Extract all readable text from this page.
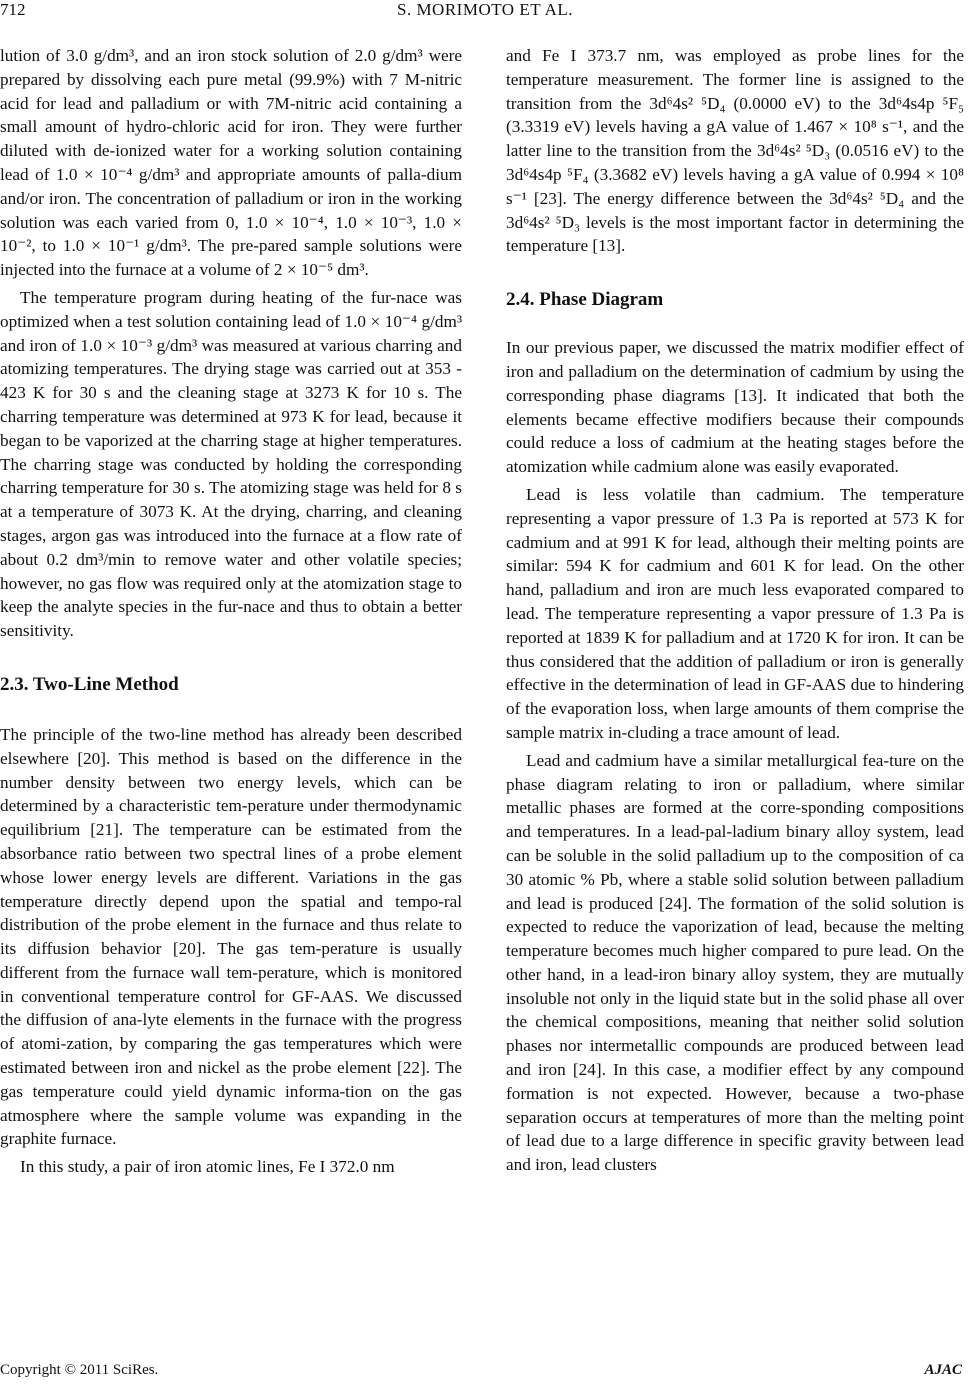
712	S. MORIMOTO ET AL.

lution of 3.0 g/dm³, and an iron stock solution of 2.0 g/dm³ were prepared by dissolving each pure metal (99.9%) with 7 M-nitric acid for lead and palladium or with 7M-nitric acid containing a small amount of hydro-chloric acid for iron. They were further diluted with de-ionized water for a working solution containing lead of 1.0 × 10⁻⁴ g/dm³ and appropriate amounts of palla-dium and/or iron. The concentration of palladium or iron in the working solution was each varied from 0, 1.0 × 10⁻⁴, 1.0 × 10⁻³, 1.0 × 10⁻², to 1.0 × 10⁻¹ g/dm³. The pre-pared sample solutions were injected into the furnace at a volume of 2 × 10⁻⁵ dm³.

The temperature program during heating of the fur-nace was optimized when a test solution containing lead of 1.0 × 10⁻⁴ g/dm³ and iron of 1.0 × 10⁻³ g/dm³ was measured at various charring and atomizing temperatures. The drying stage was carried out at 353 - 423 K for 30 s and the cleaning stage at 3273 K for 10 s. The charring temperature was determined at 973 K for lead, because it began to be vaporized at the charring stage at higher temperatures. The charring stage was conducted by holding the corresponding charring temperature for 30 s. The atomizing stage was held for 8 s at a temperature of 3073 K. At the drying, charring, and cleaning stages, argon gas was introduced into the furnace at a flow rate of about 0.2 dm³/min to remove water and other volatile species; however, no gas flow was required only at the atomization stage to keep the analyte species in the fur-nace and thus to obtain a better sensitivity.

2.3. Two-Line Method

The principle of the two-line method has already been described elsewhere [20]. This method is based on the difference in the number density between two energy levels, which can be determined by a characteristic tem-perature under thermodynamic equilibrium [21]. The temperature can be estimated from the absorbance ratio between two spectral lines of a probe element whose lower energy levels are different. Variations in the gas temperature directly depend upon the spatial and tempo-ral distribution of the probe element in the furnace and thus relate to its diffusion behavior [20]. The gas tem-perature is usually different from the furnace wall tem-perature, which is monitored in conventional temperature control for GF-AAS. We discussed the diffusion of ana-lyte elements in the furnace with the progress of atomi-zation, by comparing the gas temperatures which were estimated between iron and nickel as the probe element [22]. The gas temperature could yield dynamic informa-tion on the gas atmosphere where the sample volume was expanding in the graphite furnace.

In this study, a pair of iron atomic lines, Fe I 372.0 nm

and Fe I 373.7 nm, was employed as probe lines for the temperature measurement. The former line is assigned to the transition from the 3d⁶4s² ⁵D₄ (0.0000 eV) to the 3d⁶4s4p ⁵F₅ (3.3319 eV) levels having a gA value of 1.467 × 10⁸ s⁻¹, and the latter line to the transition from the 3d⁶4s² ⁵D₃ (0.0516 eV) to the 3d⁶4s4p ⁵F₄ (3.3682 eV) levels having a gA value of 0.994 × 10⁸ s⁻¹ [23]. The energy difference between the 3d⁶4s² ⁵D₄ and the 3d⁶4s² ⁵D₃ levels is the most important factor in determining the temperature [13].

2.4. Phase Diagram

In our previous paper, we discussed the matrix modifier effect of iron and palladium on the determination of cadmium by using the corresponding phase diagrams [13]. It indicated that both the elements became effective modifiers because their compounds could reduce a loss of cadmium at the heating stages before the atomization while cadmium alone was easily evaporated.

Lead is less volatile than cadmium. The temperature representing a vapor pressure of 1.3 Pa is reported at 573 K for cadmium and at 991 K for lead, although their melting points are similar: 594 K for cadmium and 601 K for lead. On the other hand, palladium and iron are much less evaporated compared to lead. The temperature representing a vapor pressure of 1.3 Pa is reported at 1839 K for palladium and at 1720 K for iron. It can be thus considered that the addition of palladium or iron is generally effective in the determination of lead in GF-AAS due to hindering of the evaporation loss, when large amounts of them comprise the sample matrix in-cluding a trace amount of lead.

Lead and cadmium have a similar metallurgical fea-ture on the phase diagram relating to iron or palladium, where similar metallic phases are formed at the corre-sponding compositions and temperatures. In a lead-pal-ladium binary alloy system, lead can be soluble in the solid palladium up to the composition of ca 30 atomic % Pb, where a stable solid solution between palladium and lead is produced [24]. The formation of the solid solution is expected to reduce the vaporization of lead, because the melting temperature becomes much higher compared to pure lead. On the other hand, in a lead-iron binary alloy system, they are mutually insoluble not only in the liquid state but in the solid phase all over the chemical compositions, meaning that neither solid solution phases nor intermetallic compounds are produced between lead and iron [24]. In this case, a modifier effect by any compound formation is not expected. However, because a two-phase separation occurs at temperatures of more than the melting point of lead due to a large difference in specific gravity between lead and iron, lead clusters

Copyright © 2011 SciRes.	AJAC
